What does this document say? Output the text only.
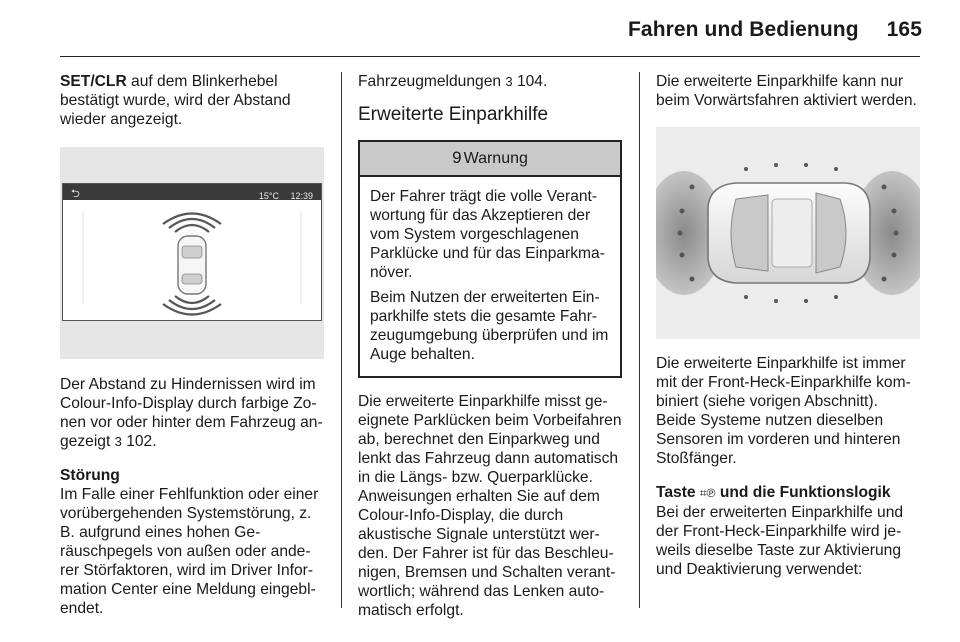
Fahren und Bedienung 165

SET/CLR auf dem Blinkerhebel bestätigt wurde, wird der Abstand wieder angezeigt.

⮌	15°C 12:39

Der Abstand zu Hindernissen wird im Colour-Info-Display durch farbige Zonen vor oder hinter dem Fahrzeug angezeigt 3 102.

Störung

Im Falle einer Fehlfunktion oder einer vorübergehenden Systemstörung, z. B. aufgrund eines hohen Geräuschpegels von außen oder anderer Störfaktoren, wird im Driver Information Center eine Meldung eingeblendet.

Fahrzeugmeldungen 3 104.

Erweiterte Einparkhilfe
9 Warnung

Der Fahrer trägt die volle Verantwortung für das Akzeptieren der vom System vorgeschlagenen Parklücke und für das Einparkmanöver.

Beim Nutzen der erweiterten Einparkhilfe stets die gesamte Fahrzeugumgebung überprüfen und im Auge behalten.

Die erweiterte Einparkhilfe misst geeignete Parklücken beim Vorbeifahren ab, berechnet den Einparkweg und lenkt das Fahrzeug dann automatisch in die Längs- bzw. Querparklücke. Anweisungen erhalten Sie auf dem Colour-Info-Display, die durch akustische Signale unterstützt werden. Der Fahrer ist für das Beschleunigen, Bremsen und Schalten verantwortlich; während das Lenken automatisch erfolgt.

Die erweiterte Einparkhilfe kann nur beim Vorwärtsfahren aktiviert werden.

Die erweiterte Einparkhilfe ist immer mit der Front-Heck-Einparkhilfe kombiniert (siehe vorigen Abschnitt). Beide Systeme nutzen dieselben Sensoren im vorderen und hinteren Stoßfänger.

Taste ⌗℗ und die Funktionslogik

Bei der erweiterten Einparkhilfe und der Front-Heck-Einparkhilfe wird jeweils dieselbe Taste zur Aktivierung und Deaktivierung verwendet:
